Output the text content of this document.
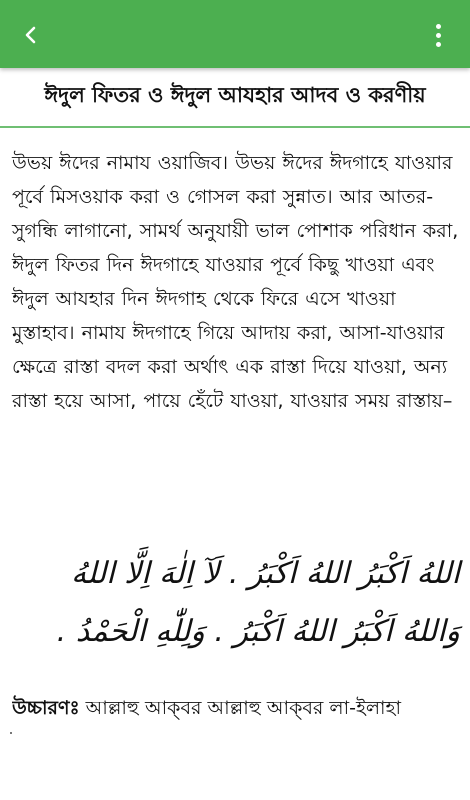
ঈদুল ফিতর ও ঈদুল আযহার আদব ও করণীয়
উভয় ঈদের নামায ওয়াজিব। উভয় ঈদের ঈদগাহে যাওয়ার পূর্বে মিসওয়াক করা ও গোসল করা সুন্নাত। আর আতর-সুগন্ধি লাগানো, সামর্থ অনুযায়ী ভাল পোশাক পরিধান করা, ঈদুল ফিতর দিন ঈদগাহে যাওয়ার পূর্বে কিছু খাওয়া এবং ঈদুল আযহার দিন ঈদগাহ থেকে ফিরে এসে খাওয়া মুস্তাহাব। নামায ঈদগাহে গিয়ে আদায় করা, আসা-যাওয়ার ক্ষেত্রে রাস্তা বদল করা অর্থাৎ এক রাস্তা দিয়ে যাওয়া, অন্য রাস্তা হয়ে আসা, পায়ে হেঁটে যাওয়া, যাওয়ার সময় রাস্তায়–
اللهُ اَكْبَرُ اللهُ اَكْبَرُ . لَآ اِلٰهَ اِلَّا اللهُ وَاللهُ اَكْبَرُ اللهُ اَكْبَرُ . وَلِلّٰهِ الْحَمْدُ .
উচ্চারণঃ আল্লাহু আক্‌বর আল্লাহু আক্‌বর লা-ইলাহা
